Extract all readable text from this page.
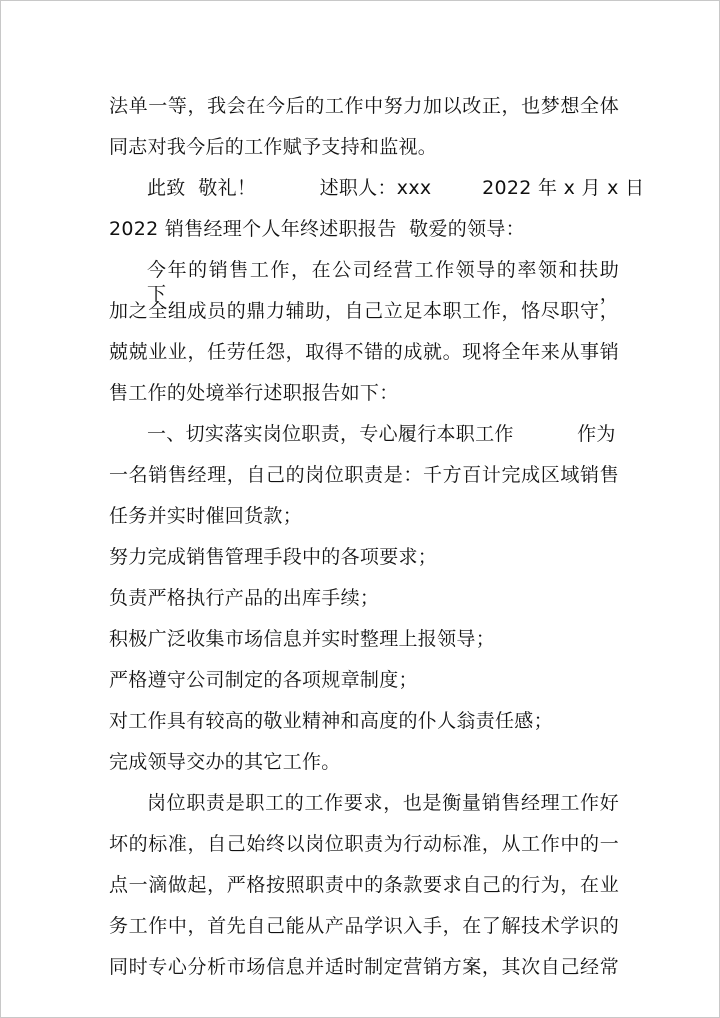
法单一等，我会在今后的工作中努力加以改正，也梦想全体
同志对我今后的工作赋予支持和监视。
此致  敬礼！          述职人：xxx        2022 年 x 月 x 日
2022 销售经理个人年终述职报告  敬爱的领导：
今年的销售工作，在公司经营工作领导的率领和扶助下，
加之全组成员的鼎力辅助，自己立足本职工作，恪尽职守，
兢兢业业，任劳任怨，取得不错的成就。现将全年来从事销
售工作的处境举行述职报告如下：
一、切实落实岗位职责，专心履行本职工作          作为
一名销售经理，自己的岗位职责是：千方百计完成区域销售
任务并实时催回货款；
努力完成销售管理手段中的各项要求；
负责严格执行产品的出库手续；
积极广泛收集市场信息并实时整理上报领导；
严格遵守公司制定的各项规章制度；
对工作具有较高的敬业精神和高度的仆人翁责任感；
完成领导交办的其它工作。
岗位职责是职工的工作要求，也是衡量销售经理工作好
坏的标准，自己始终以岗位职责为行动标准，从工作中的一
点一滴做起，严格按照职责中的条款要求自己的行为，在业
务工作中，首先自己能从产品学识入手，在了解技术学识的
同时专心分析市场信息并适时制定营销方案，其次自己经常
